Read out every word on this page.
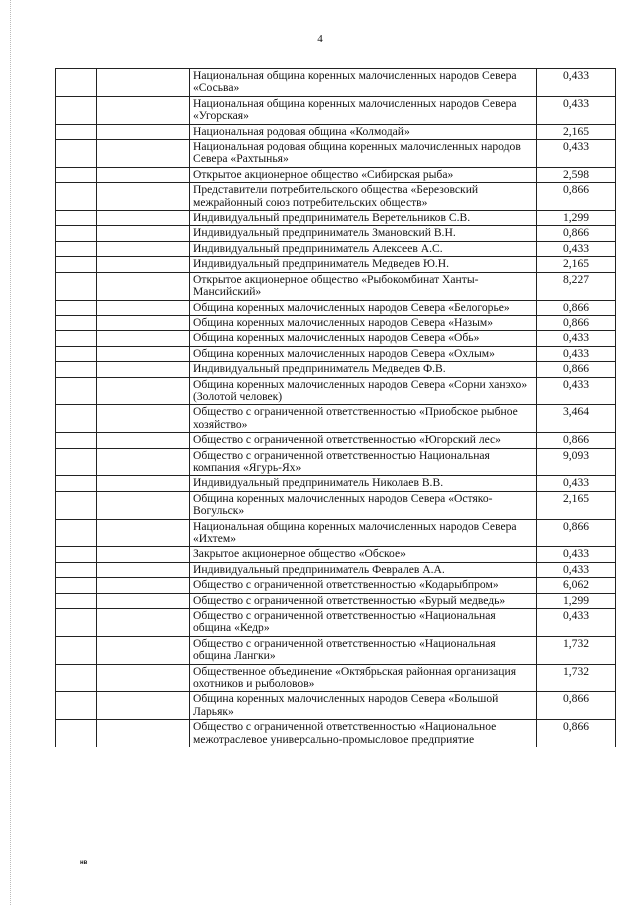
4
		Национальная община коренных малочисленных народов Севера «Сосьва»	0,433
		Национальная община коренных малочисленных народов Севера «Угорская»	0,433
		Национальная родовая община «Колмодай»	2,165
		Национальная родовая община коренных малочисленных народов Севера «Рахтынья»	0,433
		Открытое акционерное общество «Сибирская рыба»	2,598
		Представители потребительского общества «Березовский межрайонный союз потребительских обществ»	0,866
		Индивидуальный предприниматель Веретельников С.В.	1,299
		Индивидуальный предприниматель Змановский В.Н.	0,866
		Индивидуальный предприниматель Алексеев А.С.	0,433
		Индивидуальный предприниматель Медведев Ю.Н.	2,165
		Открытое акционерное общество «Рыбокомбинат Ханты-Мансийский»	8,227
		Община коренных малочисленных народов Севера «Белогорье»	0,866
		Община коренных малочисленных народов Севера «Назым»	0,866
		Община коренных малочисленных народов Севера «Обь»	0,433
		Община коренных малочисленных народов Севера «Охлым»	0,433
		Индивидуальный предприниматель Медведев Ф.В.	0,866
		Община коренных малочисленных народов Севера «Сорни ханэхо» (Золотой человек)	0,433
		Общество с ограниченной ответственностью «Приобское рыбное хозяйство»	3,464
		Общество с ограниченной ответственностью «Югорский лес»	0,866
		Общество с ограниченной ответственностью Национальная компания «Ягурь-Ях»	9,093
		Индивидуальный предприниматель Николаев В.В.	0,433
		Община коренных малочисленных народов Севера «Остяко-Вогульск»	2,165
		Национальная община коренных малочисленных народов Севера «Ихтем»	0,866
		Закрытое акционерное общество «Обское»	0,433
		Индивидуальный предприниматель Февралев А.А.	0,433
		Общество с ограниченной ответственностью «Кодарыбпром»	6,062
		Общество с ограниченной ответственностью «Бурый медведь»	1,299
		Общество с ограниченной ответственностью «Национальная община «Кедр»	0,433
		Общество с ограниченной ответственностью «Национальная община Лангки»	1,732
		Общественное объединение «Октябрьская районная организация охотников и рыболовов»	1,732
		Община коренных малочисленных народов Севера «Большой Ларьяк»	0,866
		Общество с ограниченной ответственностью «Национальное межотраслевое универсально-промысловое предприятие	0,866
нв
